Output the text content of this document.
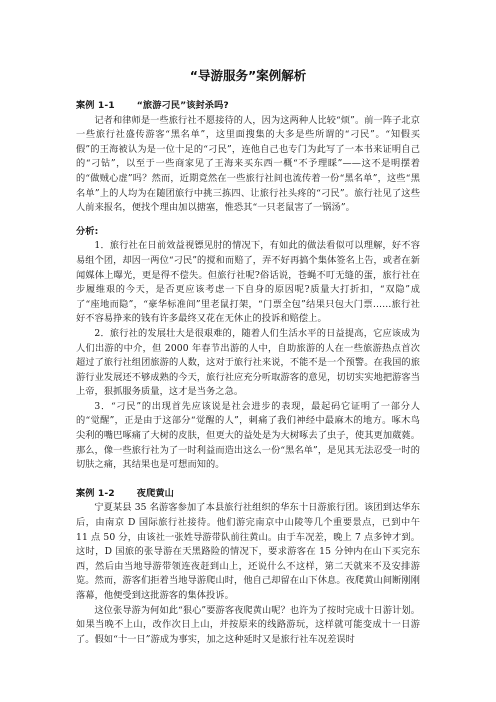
“导游服务”案例解析

案例 1-1 “旅游刁民”该封杀吗?

记者和律师是一些旅行社不愿接待的人，因为这两种人比较“烦”。前一阵子北京一些旅行社盛传游客“黑名单”，这里面搜集的大多是些所谓的“刁民”。“知假买假”的王海被认为是一位十足的“刁民”，连他自己也专门为此写了一本书来证明自己的“刁钻”，以至于一些商家见了王海来买东西一概“不予理睬”——这不是明摆着的“做贼心虚”吗？然而，近期竟然在一些旅行社间也流传着一份“黑名单”，这些“黑名单”上的人均为在随团旅行中挑三拣四、让旅行社头疼的“刁民”。旅行社见了这些人前来报名，便找个理由加以搪塞，惟恐其“一只老鼠害了一锅汤”。

分析:

1．旅行社在日前效益视镖见肘的情况下，有如此的做法看似可以理解，好不容易组个团，却因一两位“刁民”的搅和而赔了，弄不好再搞个集体签名上告，或者在新闻媒体上曝光，更是得不偿失。但旅行社呢?俗话说，苍蝇不叮无缝的蛋，旅行社在步履维艰的今天，是否更应该考虑一下自身的原因呢?质量大打折扣，“双隐”成了“座地而隐”，“豪华标准间”里老鼠打架，“门票全包”结果只包大门票……旅行社好不容易挣来的钱有许多最终又花在无休止的投诉和赔偿上。

2．旅行社的发展壮大是很艰难的，随着人们生活水平的日益提高，它应该成为人们出游的中介，但 2000 年春节出游的人中，自助旅游的人在一些旅游热点首次超过了旅行社组团旅游的人数，这对于旅行社来说，不能不是一个预警。在我国的旅游行业发展还不够成熟的今天，旅行社应充分听取游客的意见，切切实实地把游客当上帝，狠抓服务质量，这才是当务之急。

3．“刁民”的出现首先应该说是社会进步的表现，最起码它证明了一部分人的“觉醒”，正是由于这部分“觉醒的人”，刺痛了我们神经中最麻木的地方。啄木鸟尖利的嘴巴啄痛了大树的皮肤，但更大的益处是为大树啄去了虫子，使其更加葳蕤。那么，像一些旅行社为了一时利益而造出这么一份“黑名单”，是见其无法忍受一时的切肤之痛，其结果也是可想而知的。

案例 1-2 夜爬黄山

宁夏某县 35 名游客参加了本县旅行社组织的华东十日游旅行团。该团到达华东后，由南京 D 国际旅行社接待。他们游完南京中山陵等几个重要景点，已到中午 11 点 50 分，由该社一张姓导游带队前往黄山。由于车况差，晚上 7 点多钟才到。这时，D 国旅的张导游在天黑路险的情况下，要求游客在 15 分钟内在山下买完东西，然后由当地导游带领连夜赶到山上，还说什么不这样，第二天就来不及安排游览。然而，游客们拒着当地导游爬山时，他自己却留在山下休息。夜爬黄山间断刚刚落幕，他便受到这批游客的集体投诉。

这位张导游为何如此“狠心”要游客夜爬黄山呢？也许为了按时完成十日游计划。如果当晚不上山，改作次日上山，并按原来的线路游玩，这样就可能变成十一日游了。假如“十一日”游成为事实，加之这种延时又是旅行社车况差误时
